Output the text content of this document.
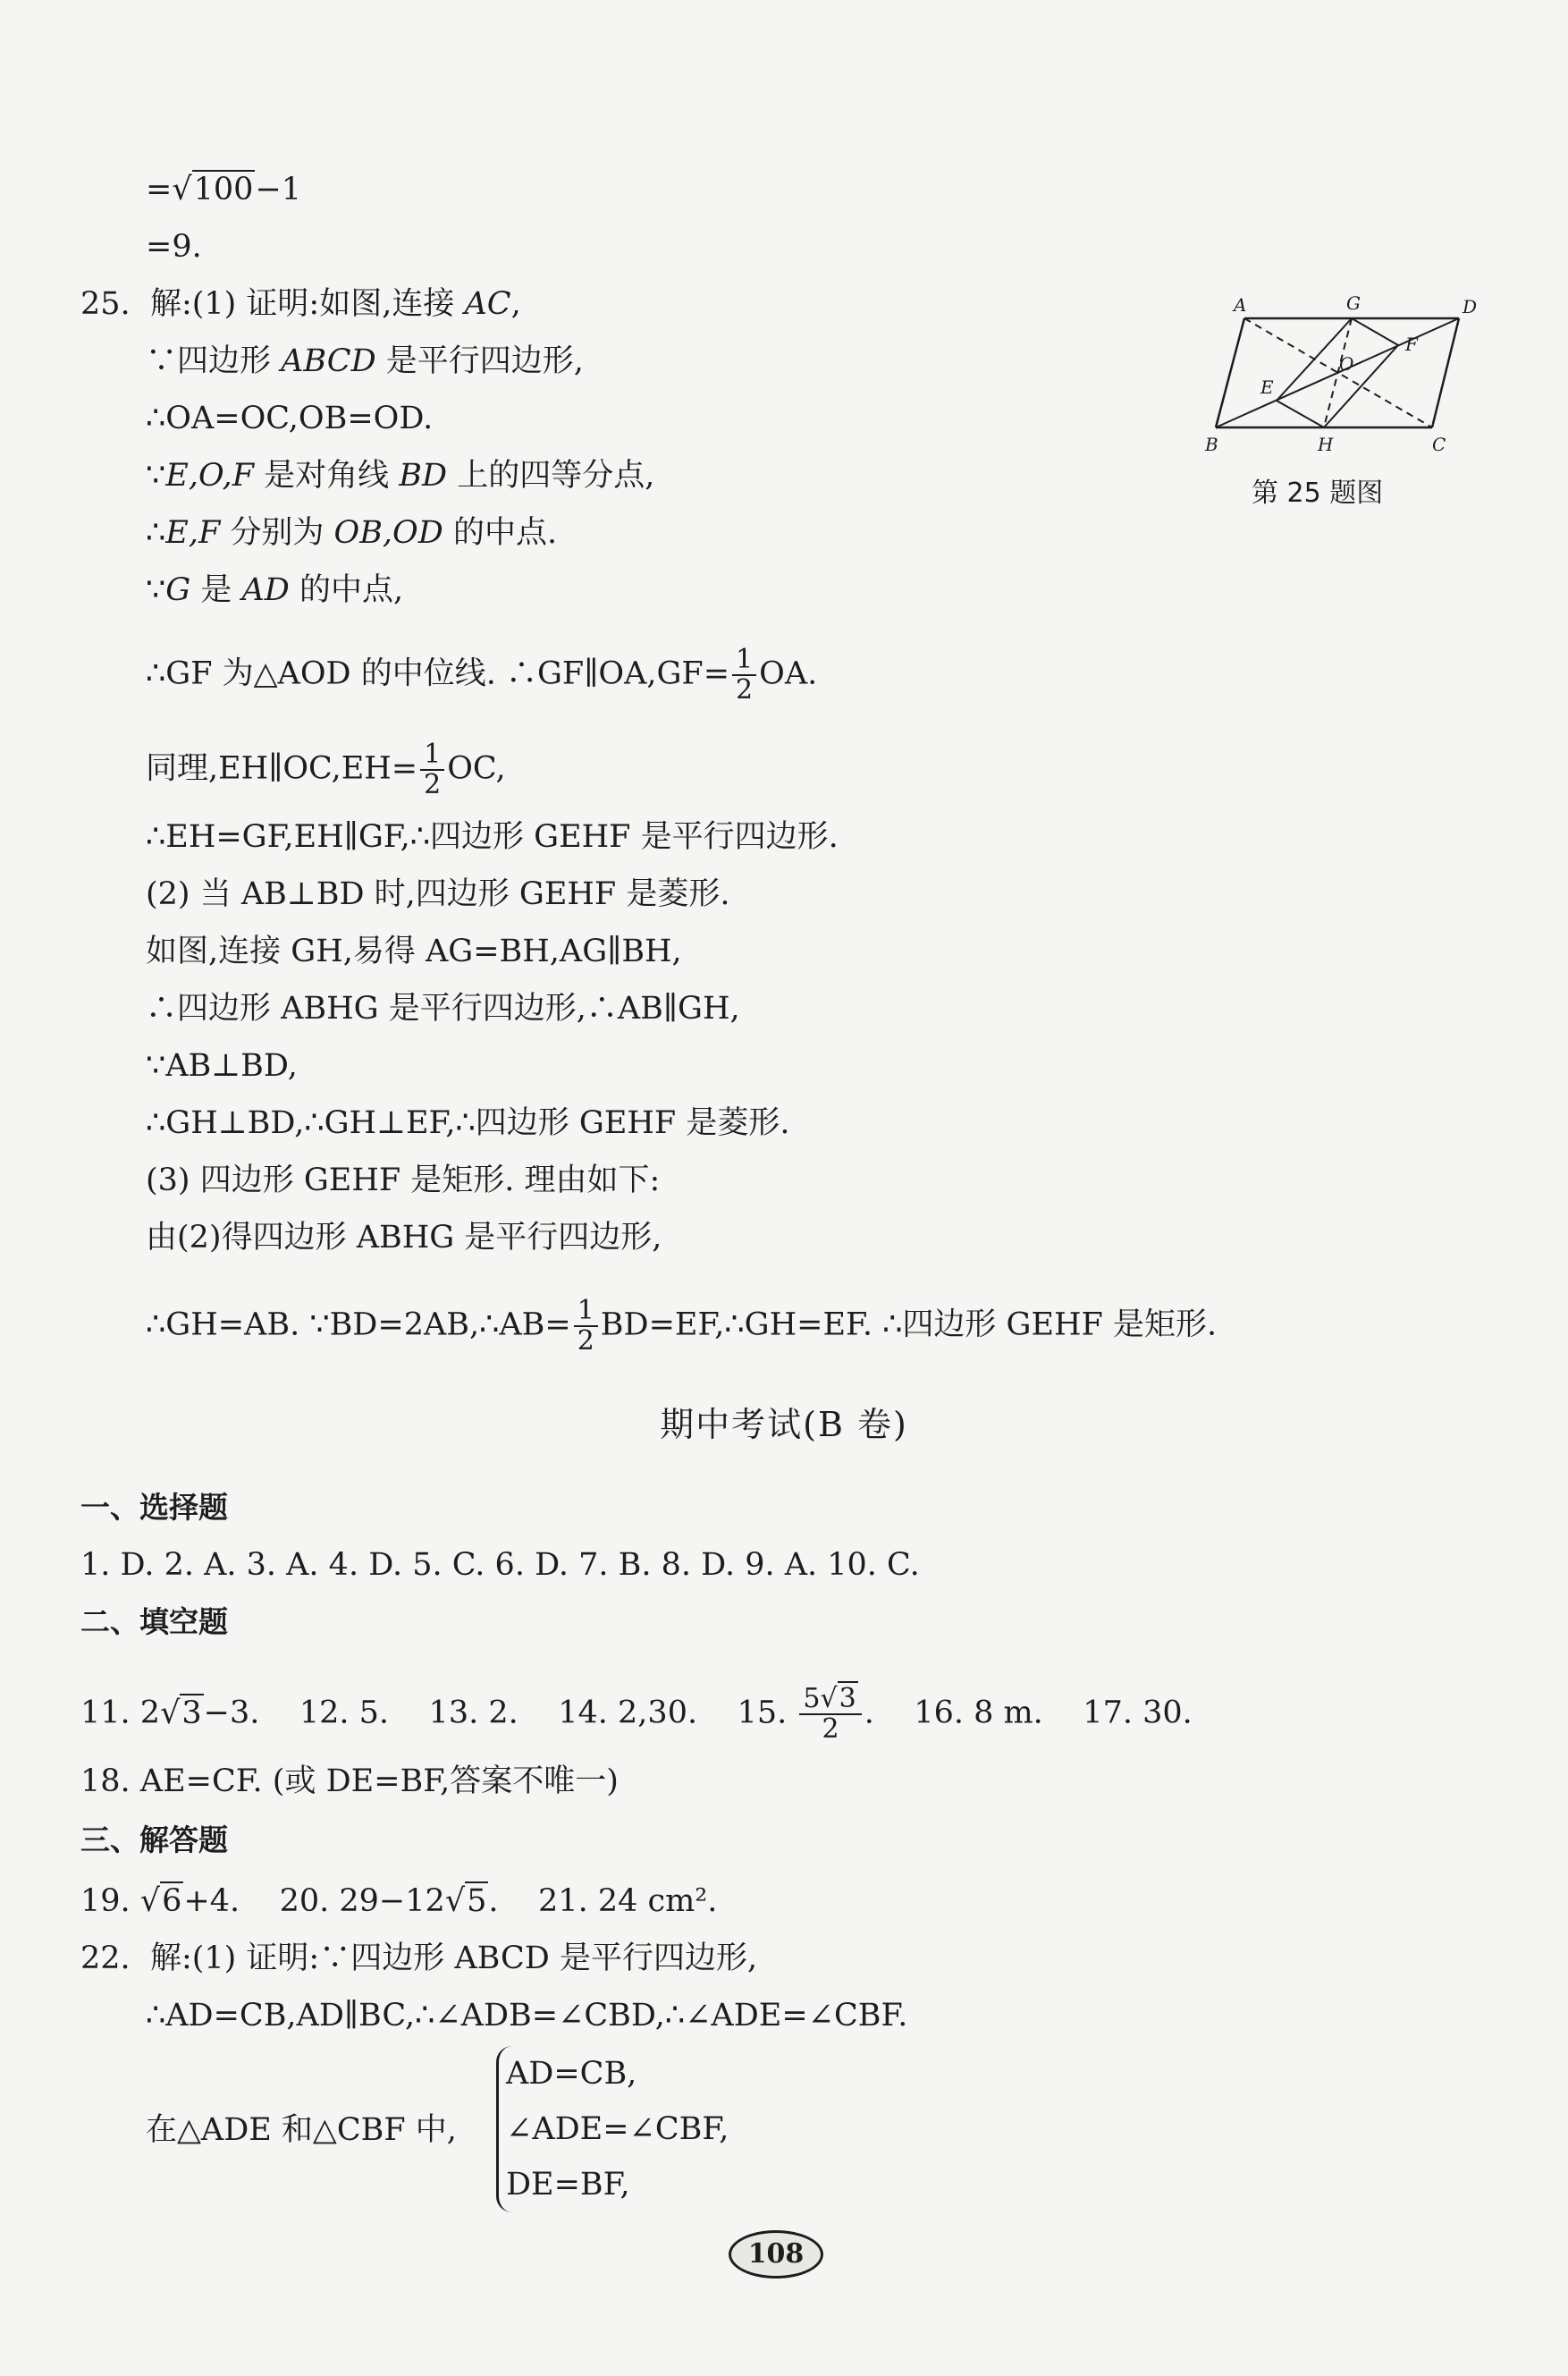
=√100−1
=9.
25. 解:(1) 证明:如图,连接 AC,
∵四边形 ABCD 是平行四边形,
∴OA=OC,OB=OD.
∵E,O,F 是对角线 BD 上的四等分点,
∴E,F 分别为 OB,OD 的中点.
∵G 是 AD 的中点,
∴GF 为△AOD 的中位线. ∴GF∥OA,GF= $\frac{1}{2}$ OA.
同理,EH∥OC,EH= $\frac{1}{2}$ OC,
∴EH=GF,EH∥GF,∴四边形 GEHF 是平行四边形.
(2) 当 AB⊥BD 时,四边形 GEHF 是菱形.
如图,连接 GH,易得 AG=BH,AG∥BH,
∴四边形 ABHG 是平行四边形,∴AB∥GH,
∵AB⊥BD,
∴GH⊥BD,∴GH⊥EF,∴四边形 GEHF 是菱形.
(3) 四边形 GEHF 是矩形. 理由如下:
由(2)得四边形 ABHG 是平行四边形,
∴GH=AB. ∵BD=2AB,∴AB= $\frac{1}{2}$ BD=EF,∴GH=EF. ∴四边形 GEHF 是矩形.
A	G	D
O
F
E
B	H	C
第 25 题图
期中考试(B 卷)
一、选择题
1. D. 2. A. 3. A. 4. D. 5. C. 6. D. 7. B. 8. D. 9. A. 10. C.
二、填空题
11. 2√3−3.    12. 5.    13. 2.    14. 2,30.    15. $\frac{5√3}{2}$ .    16. 8 m.    17. 30.
18. AE=CF. (或 DE=BF,答案不唯一)
三、解答题
19. √6+4.    20. 29−12√5.    21. 24 cm².
22. 解:(1) 证明:∵四边形 ABCD 是平行四边形,
∴AD=CB,AD∥BC,∴∠ADB=∠CBD,∴∠ADE=∠CBF.
在△ADE 和△CBF 中,
AD=CB,
∠ADE=∠CBF,
DE=BF,
108
